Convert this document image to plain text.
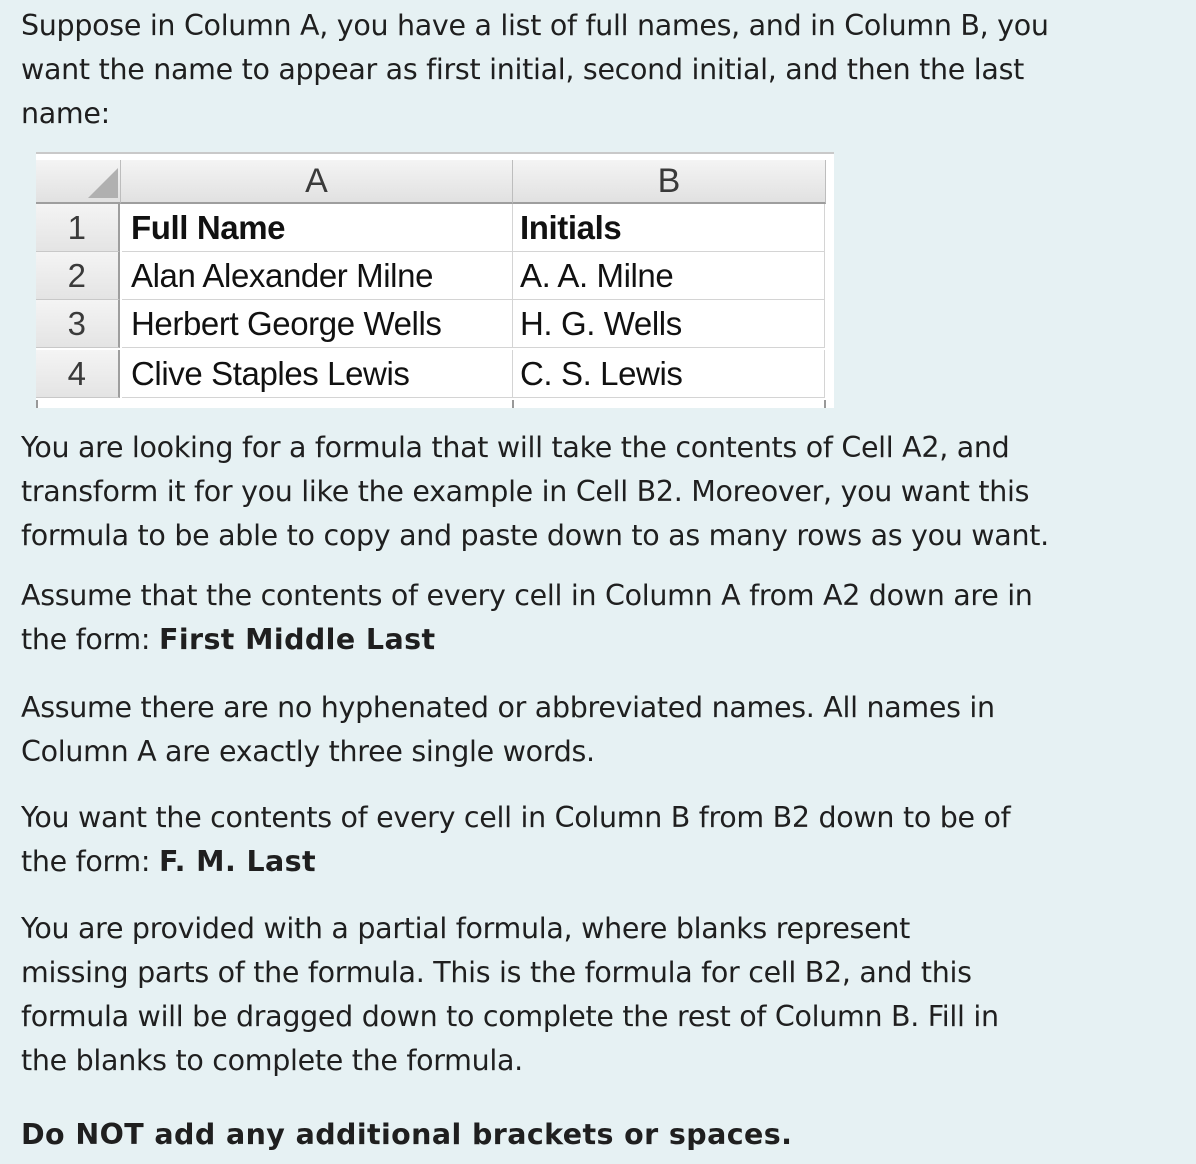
Suppose in Column A, you have a list of full names, and in Column B, you
want the name to appear as first initial, second initial, and then the last
name:

A	B
1	Full Name	Initials
2	Alan Alexander Milne	A. A. Milne
3	Herbert George Wells	H. G. Wells
4	Clive Staples Lewis	C. S. Lewis

You are looking for a formula that will take the contents of Cell A2, and
transform it for you like the example in Cell B2. Moreover, you want this
formula to be able to copy and paste down to as many rows as you want.

Assume that the contents of every cell in Column A from A2 down are in
the form: First Middle Last

Assume there are no hyphenated or abbreviated names. All names in
Column A are exactly three single words.

You want the contents of every cell in Column B from B2 down to be of
the form: F. M. Last

You are provided with a partial formula, where blanks represent
missing parts of the formula. This is the formula for cell B2, and this
formula will be dragged down to complete the rest of Column B. Fill in
the blanks to complete the formula.

Do NOT add any additional brackets or spaces.
